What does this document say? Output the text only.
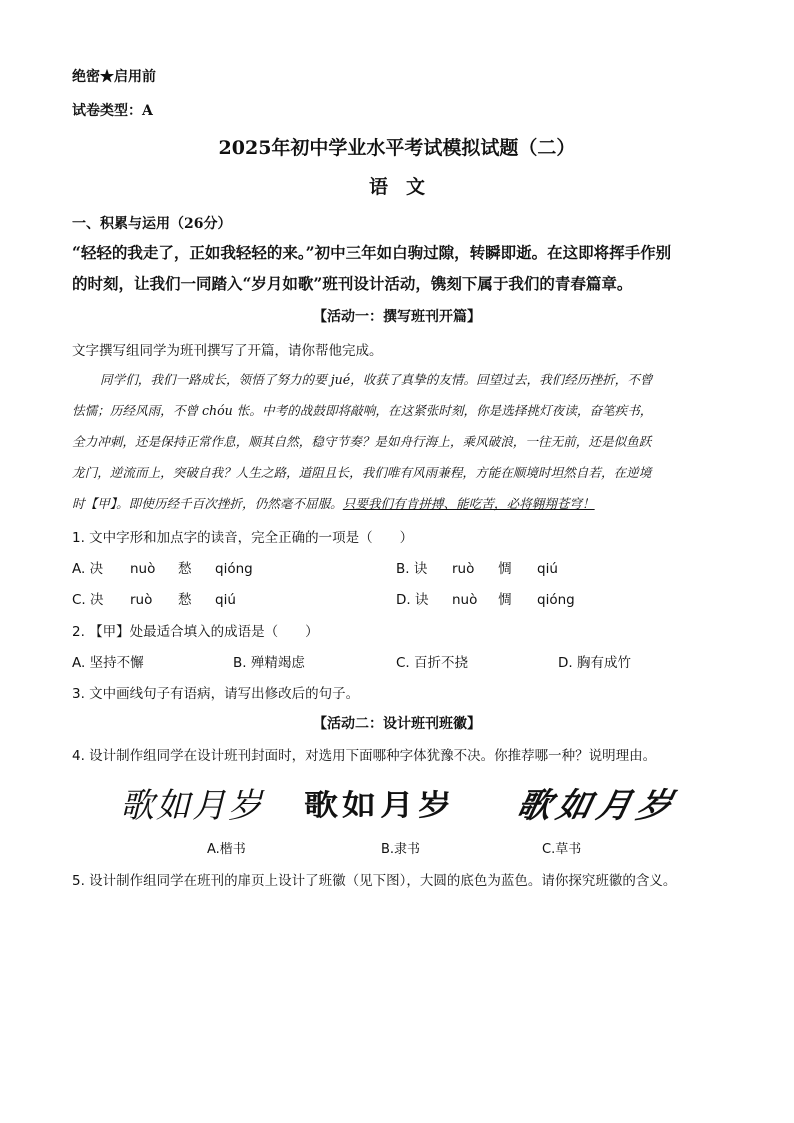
绝密★启用前
试卷类型：A
2025年初中学业水平考试模拟试题（二）
语文
一、积累与运用（26分）
“轻轻的我走了，正如我轻轻的来。”初中三年如白驹过隙，转瞬即逝。在这即将挥手作别
的时刻，让我们一同踏入“岁月如歌”班刊设计活动，镌刻下属于我们的青春篇章。
【活动一：撰写班刊开篇】
文字撰写组同学为班刊撰写了开篇，请你帮他完成。
同学们，我们一路成长，领悟了努力的要 jué，收获了真挚的友情。回望过去，我们经历挫折，不曾
怯懦；历经风雨，不曾 chóu 怅。中考的战鼓即将敲响，在这紧张时刻，你是选择挑灯夜读，奋笔疾书，
全力冲刺，还是保持正常作息，顺其自然，稳守节奏？是如舟行海上，乘风破浪，一往无前，还是似鱼跃
龙门，逆流而上，突破自我？人生之路，道阻且长，我们唯有风雨兼程，方能在顺境时坦然自若，在逆境
时【甲】。即使历经千百次挫折，仍然毫不屈服。只要我们有肯拼搏、能吃苦，必将翱翔苍穹！
1. 文中字形和加点字的读音，完全正确的一项是（　　）
A. 决 nuò 愁 qióng	B. 诀 ruò 惆 qiú
C. 决 ruò 愁 qiú	D. 诀 nuò 惆 qióng
2. 【甲】处最适合填入的成语是（　　）
A. 坚持不懈	B. 殚精竭虑	C. 百折不挠	D. 胸有成竹
3. 文中画线句子有语病，请写出修改后的句子。
【活动二：设计班刊班徽】
4. 设计制作组同学在设计班刊封面时，对选用下面哪种字体犹豫不决。你推荐哪一种？说明理由。
歌如月岁 歌如月岁 歌如月岁
A.楷书	B.隶书	C.草书
5. 设计制作组同学在班刊的扉页上设计了班徽（见下图），大圆的底色为蓝色。请你探究班徽的含义。
